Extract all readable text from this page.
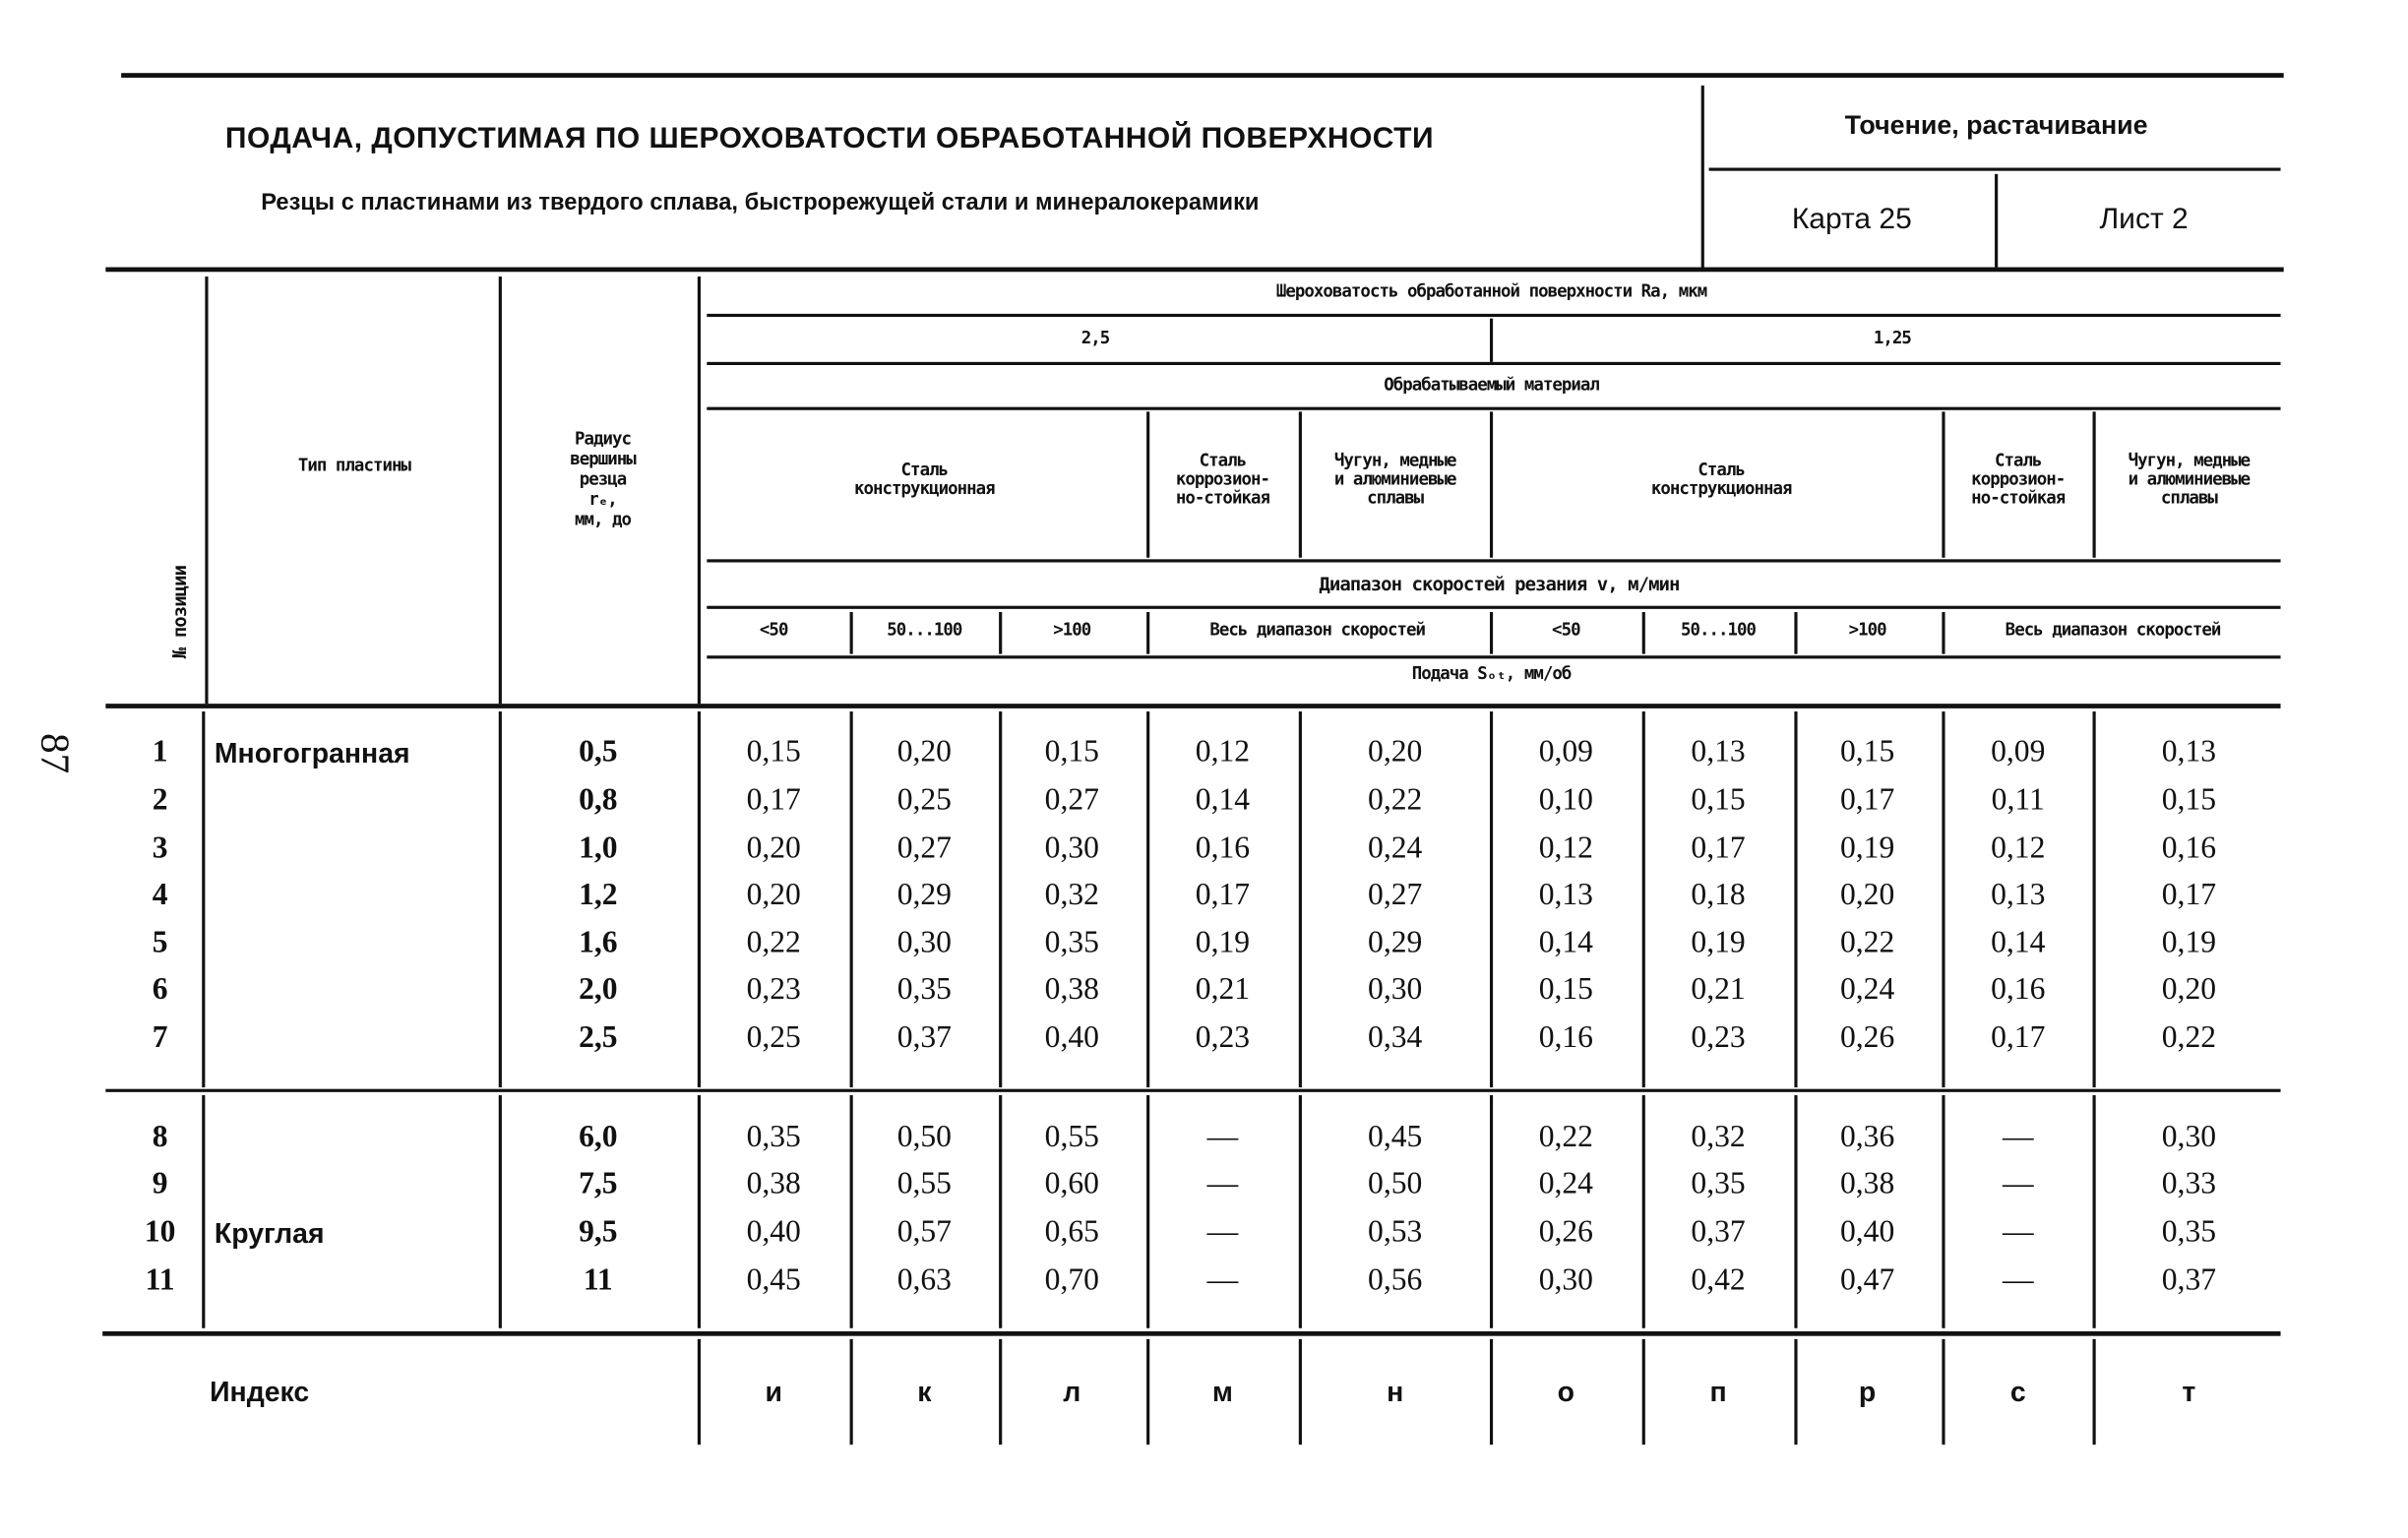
87
ПОДАЧА, ДОПУСТИМАЯ ПО ШЕРОХОВАТОСТИ ОБРАБОТАННОЙ ПОВЕРХНОСТИ
Резцы с пластинами из твердого сплава, быстрорежущей стали и минералокерамики
Точение, растачивание
Карта 25	Лист 2
№ позиции
Тип пластины
Радиус
вершины
резца
rₑ,
мм, до
Шероховатость обработанной поверхности Ra, мкм
2,5	1,25
Обрабатываемый материал
Сталь
конструкционная
Сталь
коррозион-
но-стойкая
Чугун, медные
и алюминиевые
сплавы
Сталь
конструкционная
Сталь
коррозион-
но-стойкая
Чугун, медные
и алюминиевые
сплавы
Диапазон скоростей резания v, м/мин
<50	50...100	>100	Весь диапазон скоростей	<50	50...100	>100	Весь диапазон скоростей
Подача Sₒₜ, мм/об
1	Многогранная	0,5	0,15	0,20	0,15	0,12	0,20	0,09	0,13	0,15	0,09	0,13
2	0,8	0,17	0,25	0,27	0,14	0,22	0,10	0,15	0,17	0,11	0,15
3	1,0	0,20	0,27	0,30	0,16	0,24	0,12	0,17	0,19	0,12	0,16
4	1,2	0,20	0,29	0,32	0,17	0,27	0,13	0,18	0,20	0,13	0,17
5	1,6	0,22	0,30	0,35	0,19	0,29	0,14	0,19	0,22	0,14	0,19
6	2,0	0,23	0,35	0,38	0,21	0,30	0,15	0,21	0,24	0,16	0,20
7	2,5	0,25	0,37	0,40	0,23	0,34	0,16	0,23	0,26	0,17	0,22
8	6,0	0,35	0,50	0,55	—	0,45	0,22	0,32	0,36	—	0,30
9	7,5	0,38	0,55	0,60	—	0,50	0,24	0,35	0,38	—	0,33
10 Круглая	9,5	0,40	0,57	0,65	—	0,53	0,26	0,37	0,40	—	0,35
11	11	0,45	0,63	0,70	—	0,56	0,30	0,42	0,47	—	0,37
Индекс	и	к	л	м	н	о	п	р	с	т
